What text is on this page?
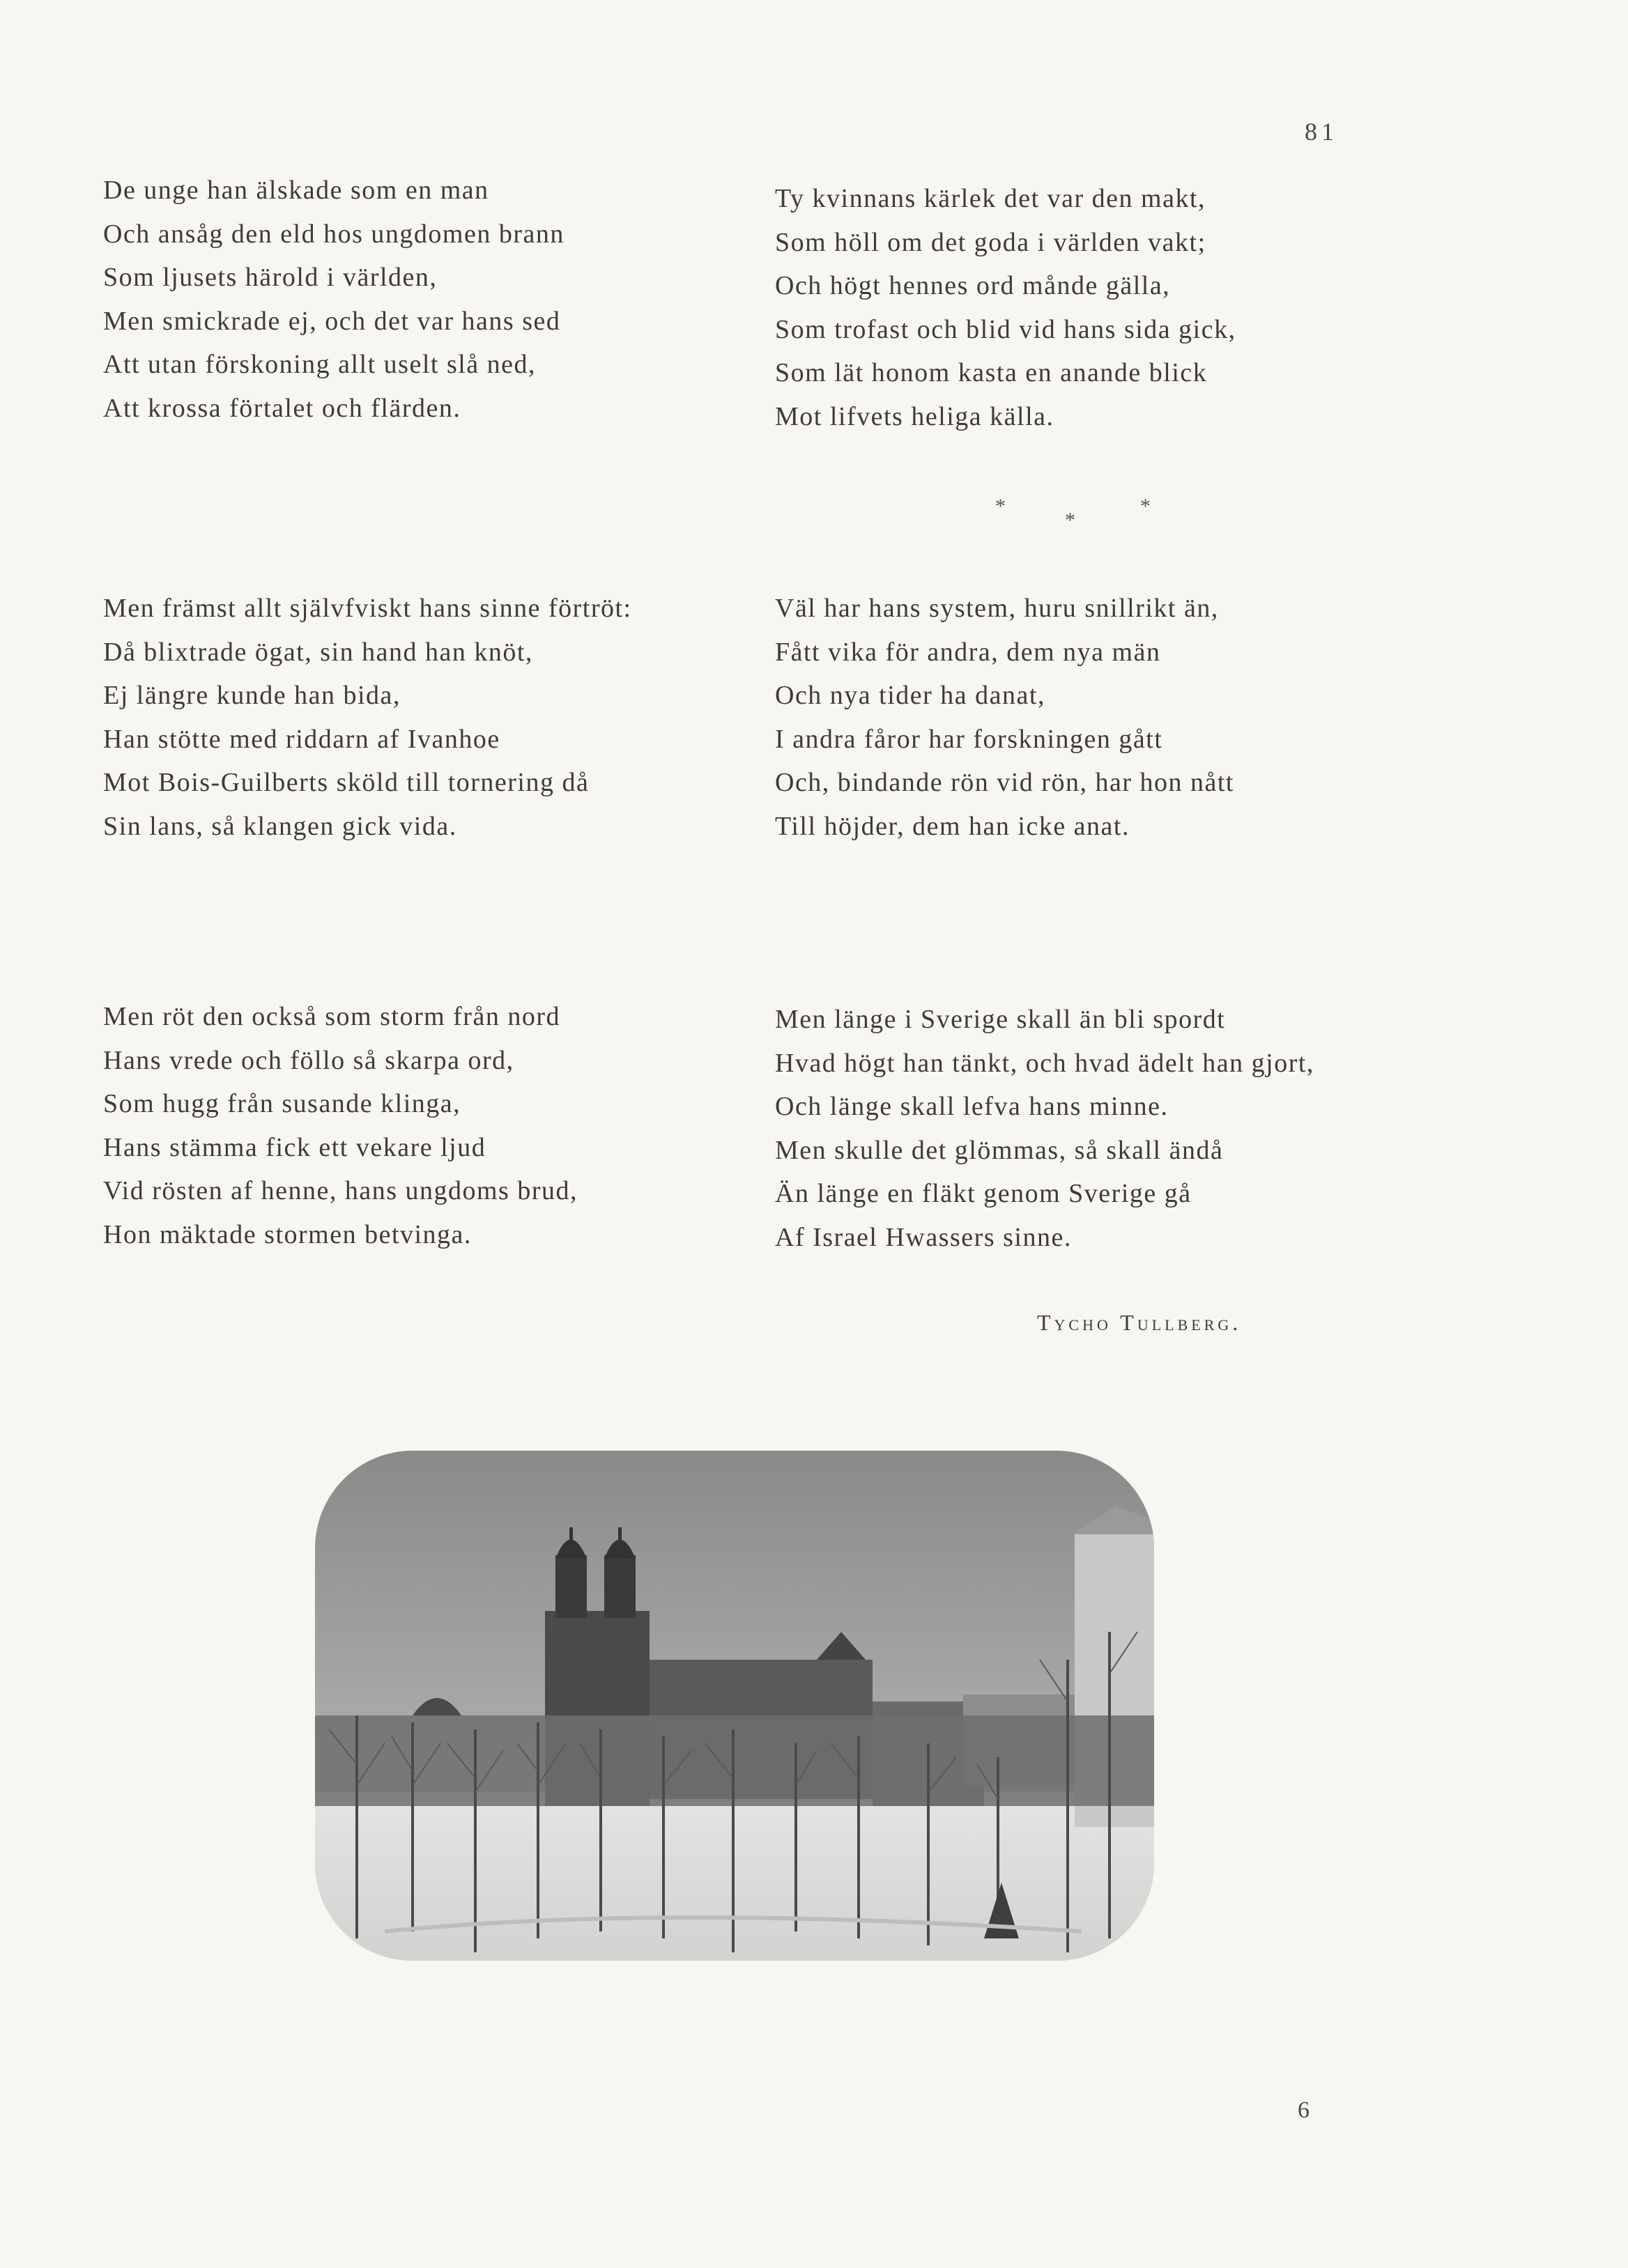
81
De unge han älskade som en man
Och ansåg den eld hos ungdomen brann
Som ljusets härold i världen,
Men smickrade ej, och det var hans sed
Att utan förskoning allt uselt slå ned,
Att krossa förtalet och flärden.
Ty kvinnans kärlek det var den makt,
Som höll om det goda i världen vakt;
Och högt hennes ord månde gälla,
Som trofast och blid vid hans sida gick,
Som lät honom kasta en anande blick
Mot lifvets heliga källa.
*
*
*
Men främst allt självfviskt hans sinne förtröt:
Då blixtrade ögat, sin hand han knöt,
Ej längre kunde han bida,
Han stötte med riddarn af Ivanhoe
Mot Bois-Guilberts sköld till tornering då
Sin lans, så klangen gick vida.
Väl har hans system, huru snillrikt än,
Fått vika för andra, dem nya män
Och nya tider ha danat,
I andra fåror har forskningen gått
Och, bindande rön vid rön, har hon nått
Till höjder, dem han icke anat.
Men röt den också som storm från nord
Hans vrede och föllo så skarpa ord,
Som hugg från susande klinga,
Hans stämma fick ett vekare ljud
Vid rösten af henne, hans ungdoms brud,
Hon mäktade stormen betvinga.
Men länge i Sverige skall än bli spordt
Hvad högt han tänkt, och hvad ädelt han gjort,
Och länge skall lefva hans minne.
Men skulle det glömmas, så skall ändå
Än länge en fläkt genom Sverige gå
Af Israel Hwassers sinne.
Tycho Tullberg.
6
